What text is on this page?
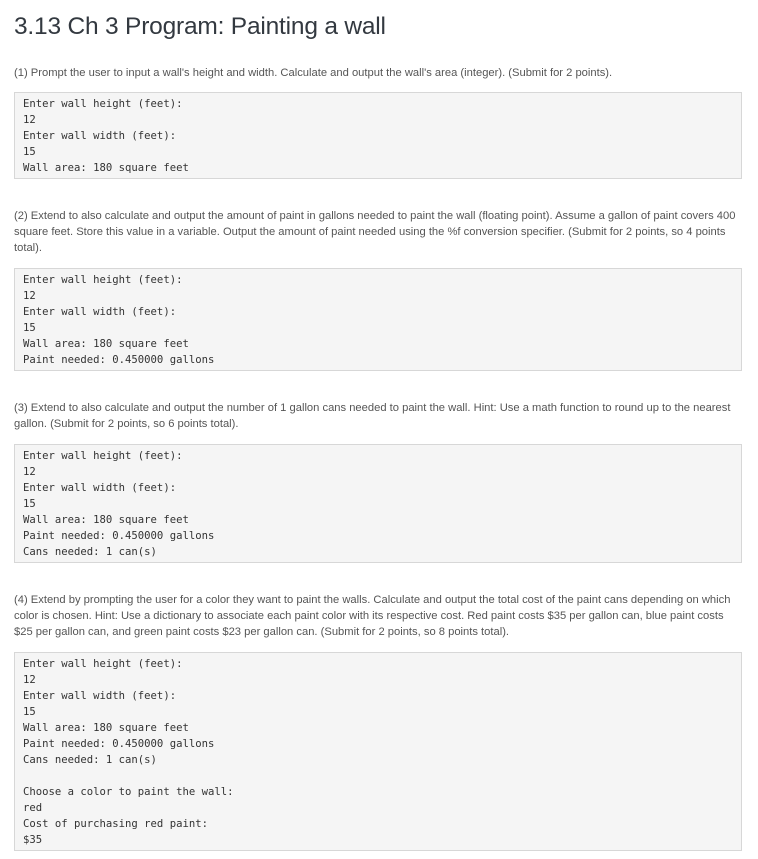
3.13 Ch 3 Program: Painting a wall

(1) Prompt the user to input a wall's height and width. Calculate and output the wall's area (integer). (Submit for 2 points).

Enter wall height (feet):
12
Enter wall width (feet):
15
Wall area: 180 square feet

(2) Extend to also calculate and output the amount of paint in gallons needed to paint the wall (floating point). Assume a gallon of paint covers 400 square feet. Store this value in a variable. Output the amount of paint needed using the %f conversion specifier. (Submit for 2 points, so 4 points total).

Enter wall height (feet):
12
Enter wall width (feet):
15
Wall area: 180 square feet
Paint needed: 0.450000 gallons

(3) Extend to also calculate and output the number of 1 gallon cans needed to paint the wall. Hint: Use a math function to round up to the nearest gallon. (Submit for 2 points, so 6 points total).

Enter wall height (feet):
12
Enter wall width (feet):
15
Wall area: 180 square feet
Paint needed: 0.450000 gallons
Cans needed: 1 can(s)

(4) Extend by prompting the user for a color they want to paint the walls. Calculate and output the total cost of the paint cans depending on which color is chosen. Hint: Use a dictionary to associate each paint color with its respective cost. Red paint costs $35 per gallon can, blue paint costs $25 per gallon can, and green paint costs $23 per gallon can. (Submit for 2 points, so 8 points total).

Enter wall height (feet):
12
Enter wall width (feet):
15
Wall area: 180 square feet
Paint needed: 0.450000 gallons
Cans needed: 1 can(s)
Choose a color to paint the wall:
red
Cost of purchasing red paint:
$35
